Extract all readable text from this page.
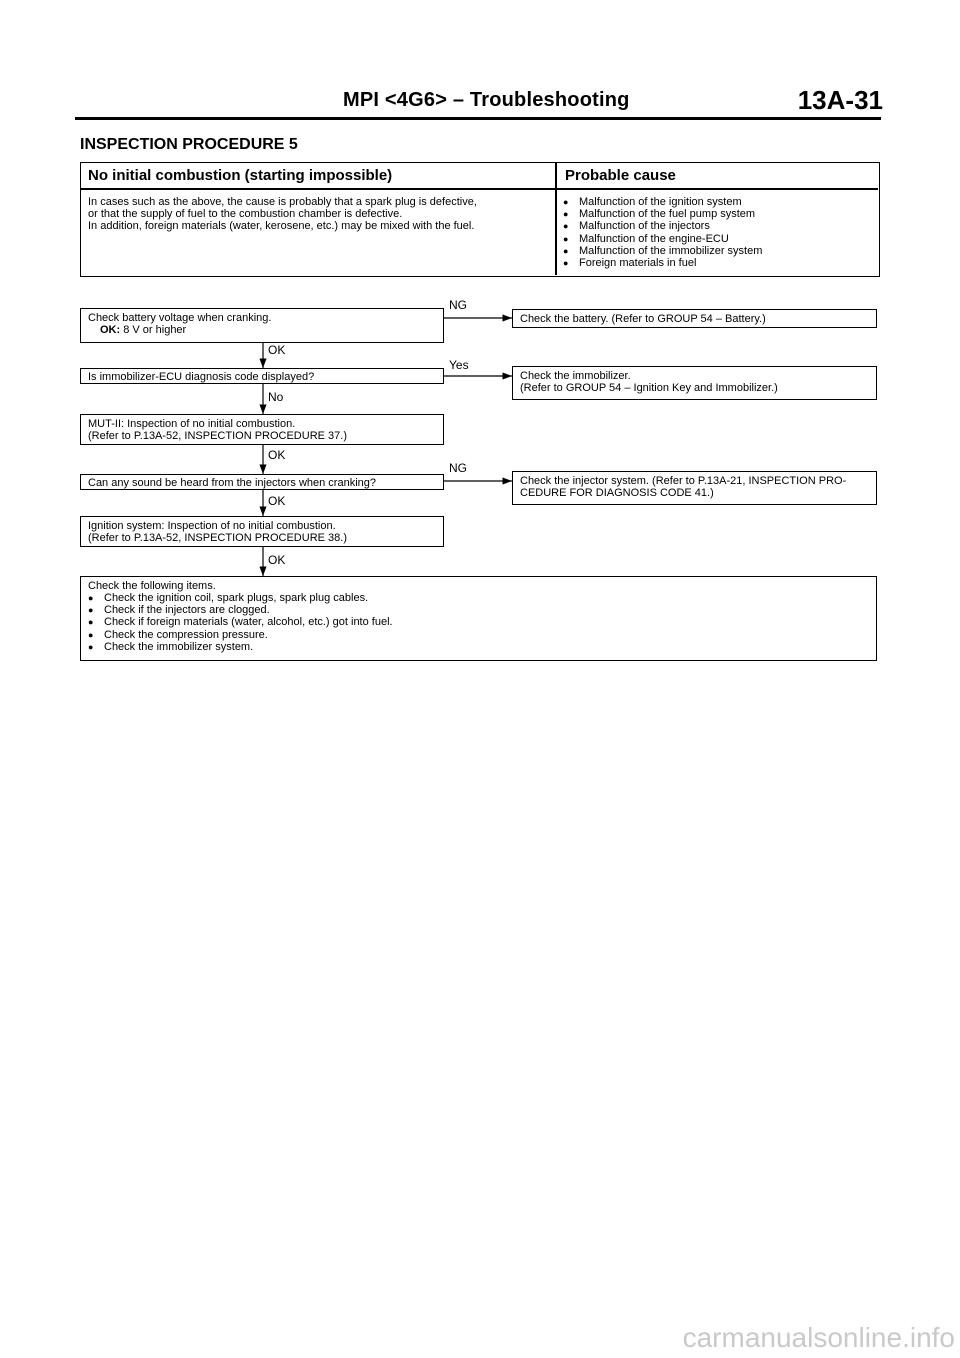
MPI <4G6> – Troubleshooting	13A-31
INSPECTION PROCEDURE 5
No initial combustion (starting impossible)	Probable cause
In cases such as the above, the cause is probably that a spark plug is defective,
or that the supply of fuel to the combustion chamber is defective.
In addition, foreign materials (water, kerosene, etc.) may be mixed with the fuel.
● Malfunction of the ignition system
● Malfunction of the fuel pump system
● Malfunction of the injectors
● Malfunction of the engine-ECU
● Malfunction of the immobilizer system
● Foreign materials in fuel
Check battery voltage when cranking.
OK: 8 V or higher
NG
Check the battery. (Refer to GROUP 54 – Battery.)
OK
Is immobilizer-ECU diagnosis code displayed?
Yes
Check the immobilizer.
(Refer to GROUP 54 – Ignition Key and Immobilizer.)
No
MUT-II: Inspection of no initial combustion.
(Refer to P.13A-52, INSPECTION PROCEDURE 37.)
OK
Can any sound be heard from the injectors when cranking?
NG
Check the injector system. (Refer to P.13A-21, INSPECTION PRO-
CEDURE FOR DIAGNOSIS CODE 41.)
OK
Ignition system: Inspection of no initial combustion.
(Refer to P.13A-52, INSPECTION PROCEDURE 38.)
OK
Check the following items.
● Check the ignition coil, spark plugs, spark plug cables.
● Check if the injectors are clogged.
● Check if foreign materials (water, alcohol, etc.) got into fuel.
● Check the compression pressure.
● Check the immobilizer system.
carmanualsonline.info
